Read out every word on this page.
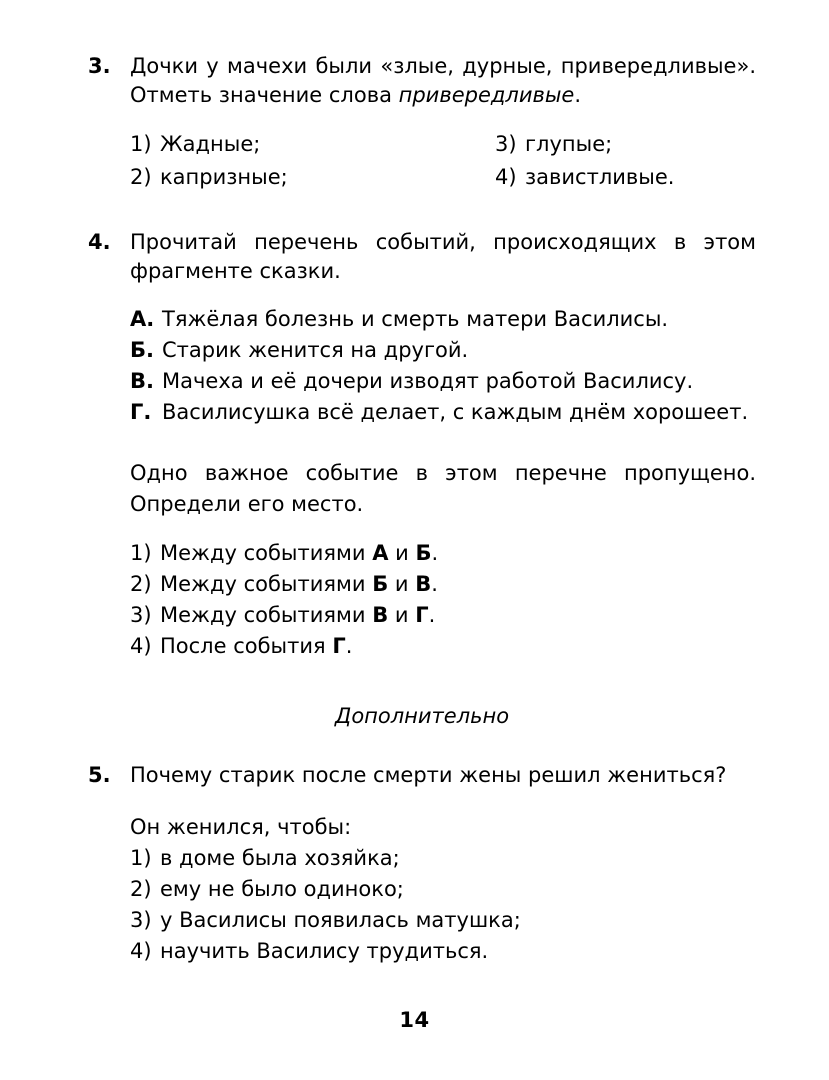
3. Дочки у мачехи были «злые, дурные, привередливые». Отметь значение слова привередливые.

1) Жадные;
2) капризные;
3) глупые;
4) завистливые.
4. Прочитай перечень событий, происходящих в этом фрагменте сказки.

А. Тяжёлая болезнь и смерть матери Василисы.
Б. Старик женится на другой.
В. Мачеха и её дочери изводят работой Василису.
Г. Василисушка всё делает, с каждым днём хорошеет.
Одно важное событие в этом перечне пропущено. Определи его место.
1) Между событиями А и Б.
2) Между событиями Б и В.
3) Между событиями В и Г.
4) После события Г.
Дополнительно
5. Почему старик после смерти жены решил жениться?

Он женился, чтобы:
1) в доме была хозяйка;
2) ему не было одиноко;
3) у Василисы появилась матушка;
4) научить Василису трудиться.
14
